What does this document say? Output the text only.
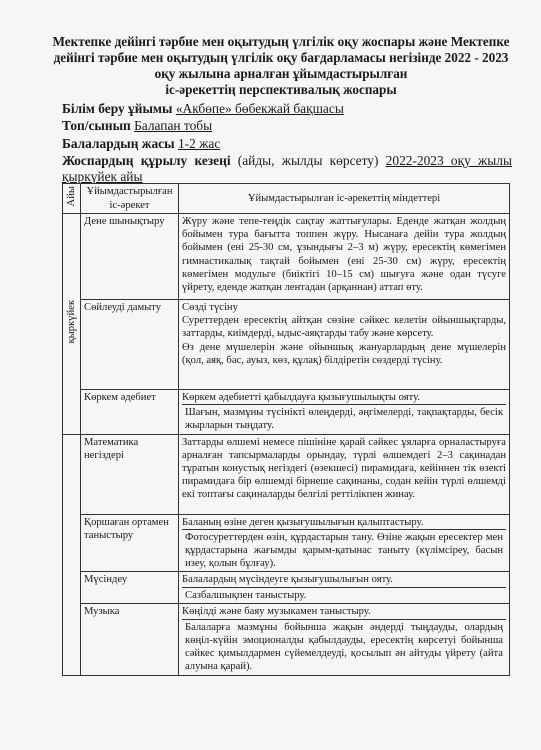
Мектепке дейінгі тәрбие мен оқытудың үлгілік оқу жоспары және Мектепке
дейінгі тәрбие мен оқытудың үлгілік оқу бағдарламасы негізінде 2022 - 2023
оқу жылына арналған ұйымдастырылған
іс-әрекеттің перспективалық жоспары
Білім беру ұйымы «Акбөпе» бөбекжай бақшасы
Топ/сынып Балапан тобы
Балалардың жасы 1-2 жас
Жоспардың құрылу кезеңі (айды, жылды көрсету) 2022-2023 оқу жылы
қыркүйек айы
Айы	Ұйымдастырылған іс-әрекет	Ұйымдастырылған іс-әрекеттің міндеттері
қыркүйек	Дене шынықтыру	Жүру және тепе-теңдік сақтау жаттығулары. Еденде жатқан жолдың бойымен тура бағытта топпен жүру. Нысанаға дейін тура жолдың бойымен (ені 25-30 см, ұзындығы 2–3 м) жүру, ересектің көмегімен гимнастикалық тақтай бойымен (ені 25-30 см) жүру, ересектің көмегімен модульге (биіктігі 10–15 см) шығуға және одан түсуге үйрету, еденде жатқан лентадан (арқаннан) аттап өту.

	Сөйлеуді дамыту	Сөзді түсіну

Суреттерден ересектің айтқан сөзіне сәйкес келетін ойыншықтарды, заттарды, киімдерді, ыдыс-аяқтарды табу және көрсету.

Өз дене мүшелерін және ойыншық жануарлардың дене мүшелерін (қол, аяқ, бас, ауыз, көз, құлақ) білдіретін сөздерді түсіну.

	Көркем әдебиет	Көркем әдебиетті қабылдауға қызығушылықты ояту.

Шағын, мазмұны түсінікті өлеңдерді, әңгімелерді, тақпақтарды, бесік жырларын тыңдату.

	Математика негіздері	Заттарды өлшемі немесе пішініне қарай сәйкес ұяларға орналастыруға арналған тапсырмаларды орындау, түрлі өлшемдегі 2–3 сақинадан тұратын конустық негіздегі (өзекшесі) пирамидаға, кейіннен тік өзекті пирамидаға бір өлшемді бірнеше сақинаны, содан кейін түрлі өлшемді екі топтағы сақиналарды белгілі реттілікпен жинау.

	Қоршаған ортамен таныстыру	Баланың өзіне деген қызығушылығын қалыптастыру.

Фотосуреттерден өзін, құрдастарын тану. Өзіне жақын ересектер мен құрдастарына жағымды қарым-қатынас таныту (күлімсіреу, басын изеу, қолын бұлғау).

	Мүсіндеу	Балалардың мүсіндеуге қызығушылығын ояту.

Сазбалшықпен таныстыру.

	Музыка	Көңілді және баяу музыкамен таныстыру.

Балаларға мазмұны бойынша жақын әндерді тыңдауды, олардың көңіл-күйін эмоционалды қабылдауды, ересектің көрсетуі бойынша сәйкес қимылдармен сүйемелдеуді, қосылып ән айтуды үйрету (айта алуына қарай).
